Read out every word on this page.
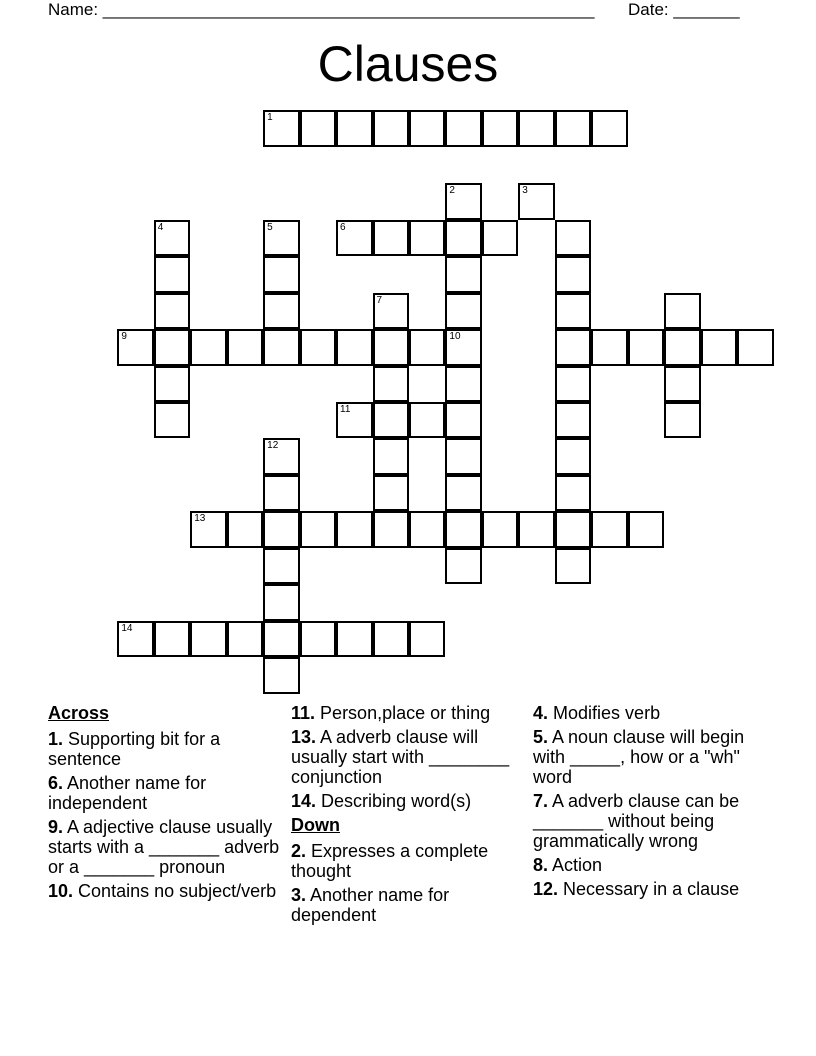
Name: ____________________________________________________ Date: _______
Clauses
1
2	3
4	5	6
7
9	10
11
12
13
14
Across
1. Supporting bit for a sentence
6. Another name for independent
9. A adjective clause usually starts with a _______ adverb or a _______ pronoun
10. Contains no subject/verb
11. Person,place or thing
13. A adverb clause will usually start with ________ conjunction
14. Describing word(s)
Down
2. Expresses a complete thought
3. Another name for dependent
4. Modifies verb
5. A noun clause will begin with _____, how or a "wh" word
7. A adverb clause can be _______ without being grammatically wrong
8. Action
12. Necessary in a clause
